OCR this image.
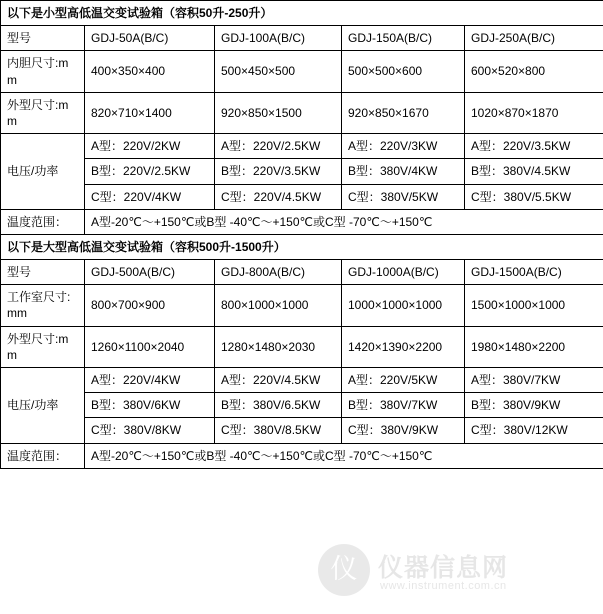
以下是小型高低温交变试验箱（容积50升-250升）				
型号	GDJ-50A(B/C)	GDJ-100A(B/C)	GDJ-150A(B/C)	GDJ-250A(B/C)
内胆尺寸:mm	400×350×400	500×450×500	500×500×600	600×520×800
外型尺寸:mm	820×710×1400	920×850×1500	920×850×1670	1020×870×1870
电压/功率	A型：220V/2KW	A型：220V/2.5KW	A型：220V/3KW	A型：220V/3.5KW
	B型：220V/2.5KW	B型：220V/3.5KW	B型：380V/4KW	B型：380V/4.5KW
	C型：220V/4KW	C型：220V/4.5KW	C型：380V/5KW	C型：380V/5.5KW
温度范围：	A型-20℃～+150℃或B型 -40℃～+150℃或C型 -70℃～+150℃			
以下是大型高低温交变试验箱（容积500升-1500升）				
型号	GDJ-500A(B/C)	GDJ-800A(B/C)	GDJ-1000A(B/C)	GDJ-1500A(B/C)
工作室尺寸:mm	800×700×900	800×1000×1000	1000×1000×1000	1500×1000×1000
外型尺寸:mm	1260×1100×2040	1280×1480×2030	1420×1390×2200	1980×1480×2200
电压/功率	A型：220V/4KW	A型：220V/4.5KW	A型：220V/5KW	A型：380V/7KW
	B型：380V/6KW	B型：380V/6.5KW	B型：380V/7KW	B型：380V/9KW
	C型：380V/8KW	C型：380V/8.5KW	C型：380V/9KW	C型：380V/12KW
温度范围：	A型-20℃～+150℃或B型 -40℃～+150℃或C型 -70℃～+150℃			
仪 仪器信息网
www.instrument.com.cn
